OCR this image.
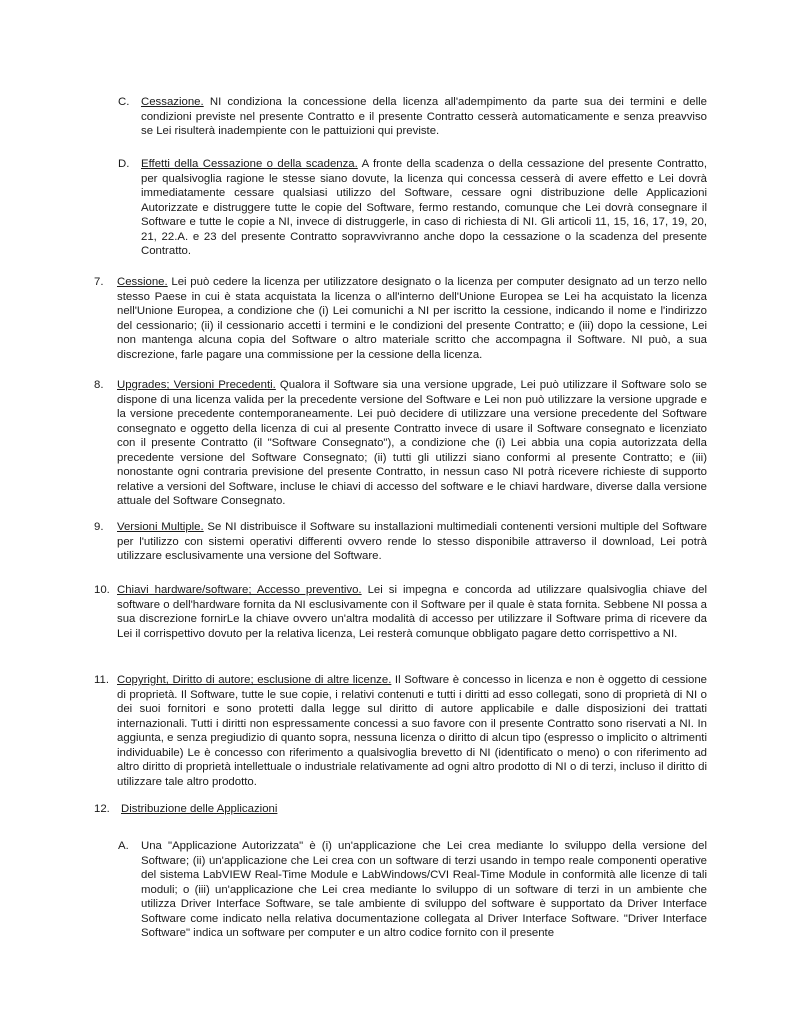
C. Cessazione. NI condiziona la concessione della licenza all'adempimento da parte sua dei termini e delle condizioni previste nel presente Contratto e il presente Contratto cesserà automaticamente e senza preavviso se Lei risulterà inadempiente con le pattuizioni qui previste.
D. Effetti della Cessazione o della scadenza. A fronte della scadenza o della cessazione del presente Contratto, per qualsivoglia ragione le stesse siano dovute, la licenza qui concessa cesserà di avere effetto e Lei dovrà immediatamente cessare qualsiasi utilizzo del Software, cessare ogni distribuzione delle Applicazioni Autorizzate e distruggere tutte le copie del Software, fermo restando, comunque che Lei dovrà consegnare il Software e tutte le copie a NI, invece di distruggerle, in caso di richiesta di NI. Gli articoli 11, 15, 16, 17, 19, 20, 21, 22.A. e 23 del presente Contratto sopravvivranno anche dopo la cessazione o la scadenza del presente Contratto.
7. Cessione. Lei può cedere la licenza per utilizzatore designato o la licenza per computer designato ad un terzo nello stesso Paese in cui è stata acquistata la licenza o all'interno dell'Unione Europea se Lei ha acquistato la licenza nell'Unione Europea, a condizione che (i) Lei comunichi a NI per iscritto la cessione, indicando il nome e l'indirizzo del cessionario; (ii) il cessionario accetti i termini e le condizioni del presente Contratto; e (iii) dopo la cessione, Lei non mantenga alcuna copia del Software o altro materiale scritto che accompagna il Software. NI può, a sua discrezione, farle pagare una commissione per la cessione della licenza.
8. Upgrades; Versioni Precedenti. Qualora il Software sia una versione upgrade, Lei può utilizzare il Software solo se dispone di una licenza valida per la precedente versione del Software e Lei non può utilizzare la versione upgrade e la versione precedente contemporaneamente. Lei può decidere di utilizzare una versione precedente del Software consegnato e oggetto della licenza di cui al presente Contratto invece di usare il Software consegnato e licenziato con il presente Contratto (il "Software Consegnato"), a condizione che (i) Lei abbia una copia autorizzata della precedente versione del Software Consegnato; (ii) tutti gli utilizzi siano conformi al presente Contratto; e (iii) nonostante ogni contraria previsione del presente Contratto, in nessun caso NI potrà ricevere richieste di supporto relative a versioni del Software, incluse le chiavi di accesso del software e le chiavi hardware, diverse dalla versione attuale del Software Consegnato.
9. Versioni Multiple. Se NI distribuisce il Software su installazioni multimediali contenenti versioni multiple del Software per l'utilizzo con sistemi operativi differenti ovvero rende lo stesso disponibile attraverso il download, Lei potrà utilizzare esclusivamente una versione del Software.
10. Chiavi hardware/software; Accesso preventivo. Lei si impegna e concorda ad utilizzare qualsivoglia chiave del software o dell'hardware fornita da NI esclusivamente con il Software per il quale è stata fornita. Sebbene NI possa a sua discrezione fornirLe la chiave ovvero un'altra modalità di accesso per utilizzare il Software prima di ricevere da Lei il corrispettivo dovuto per la relativa licenza, Lei resterà comunque obbligato pagare detto corrispettivo a NI.
11. Copyright, Diritto di autore; esclusione di altre licenze. Il Software è concesso in licenza e non è oggetto di cessione di proprietà. Il Software, tutte le sue copie, i relativi contenuti e tutti i diritti ad esso collegati, sono di proprietà di NI o dei suoi fornitori e sono protetti dalla legge sul diritto di autore applicabile e dalle disposizioni dei trattati internazionali. Tutti i diritti non espressamente concessi a suo favore con il presente Contratto sono riservati a NI. In aggiunta, e senza pregiudizio di quanto sopra, nessuna licenza o diritto di alcun tipo (espresso o implicito o altrimenti individuabile) Le è concesso con riferimento a qualsivoglia brevetto di NI (identificato o meno) o con riferimento ad altro diritto di proprietà intellettuale o industriale relativamente ad ogni altro prodotto di NI o di terzi, incluso il diritto di utilizzare tale altro prodotto.
12. Distribuzione delle Applicazioni
A. Una "Applicazione Autorizzata" è (i) un'applicazione che Lei crea mediante lo sviluppo della versione del Software; (ii) un'applicazione che Lei crea con un software di terzi usando in tempo reale componenti operative del sistema LabVIEW Real-Time Module e LabWindows/CVI Real-Time Module in conformità alle licenze di tali moduli; o (iii) un'applicazione che Lei crea mediante lo sviluppo di un software di terzi in un ambiente che utilizza Driver Interface Software, se tale ambiente di sviluppo del software è supportato da Driver Interface Software come indicato nella relativa documentazione collegata al Driver Interface Software. "Driver Interface Software" indica un software per computer e un altro codice fornito con il presente
